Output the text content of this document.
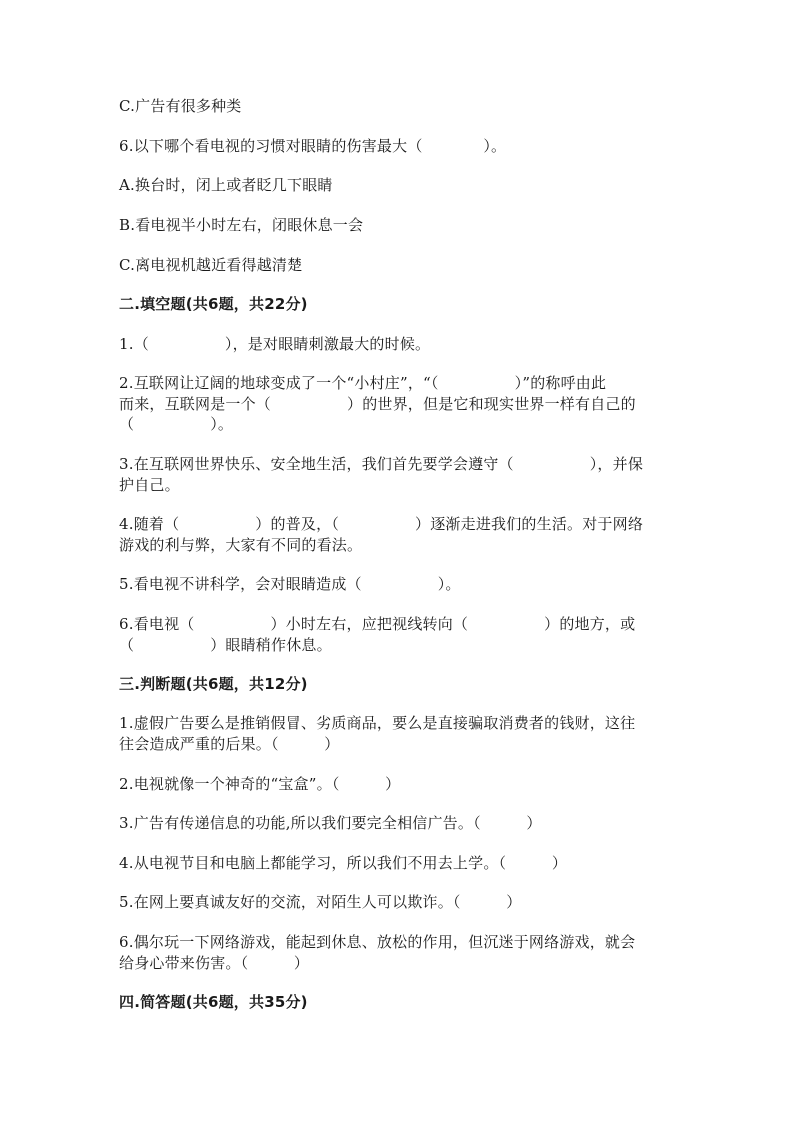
C.广告有很多种类
6.以下哪个看电视的习惯对眼睛的伤害最大（　　　　）。
A.换台时，闭上或者眨几下眼睛
B.看电视半小时左右，闭眼休息一会
C.离电视机越近看得越清楚
二.填空题(共6题，共22分)
1.（　　　　　），是对眼睛刺激最大的时候。
2.互联网让辽阔的地球变成了一个“小村庄”，“（　　　　　）”的称呼由此
而来，互联网是一个（　　　　　）的世界，但是它和现实世界一样有自己的
（　　　　　）。
3.在互联网世界快乐、安全地生活，我们首先要学会遵守（　　　　　），并保
护自己。
4.随着（　　　　　）的普及，（　　　　　）逐渐走进我们的生活。对于网络
游戏的利与弊，大家有不同的看法。
5.看电视不讲科学，会对眼睛造成（　　　　　）。
6.看电视（　　　　　）小时左右，应把视线转向（　　　　　）的地方，或
（　　　　　）眼睛稍作休息。
三.判断题(共6题，共12分)
1.虚假广告要么是推销假冒、劣质商品，要么是直接骗取消费者的钱财，这往
往会造成严重的后果。（　　　）
2.电视就像一个神奇的“宝盒”。（　　　）
3.广告有传递信息的功能,所以我们要完全相信广告。（　　　）
4.从电视节目和电脑上都能学习，所以我们不用去上学。（　　　）
5.在网上要真诚友好的交流，对陌生人可以欺诈。（　　　）
6.偶尔玩一下网络游戏，能起到休息、放松的作用，但沉迷于网络游戏，就会
给身心带来伤害。（　　　）
四.简答题(共6题，共35分)
